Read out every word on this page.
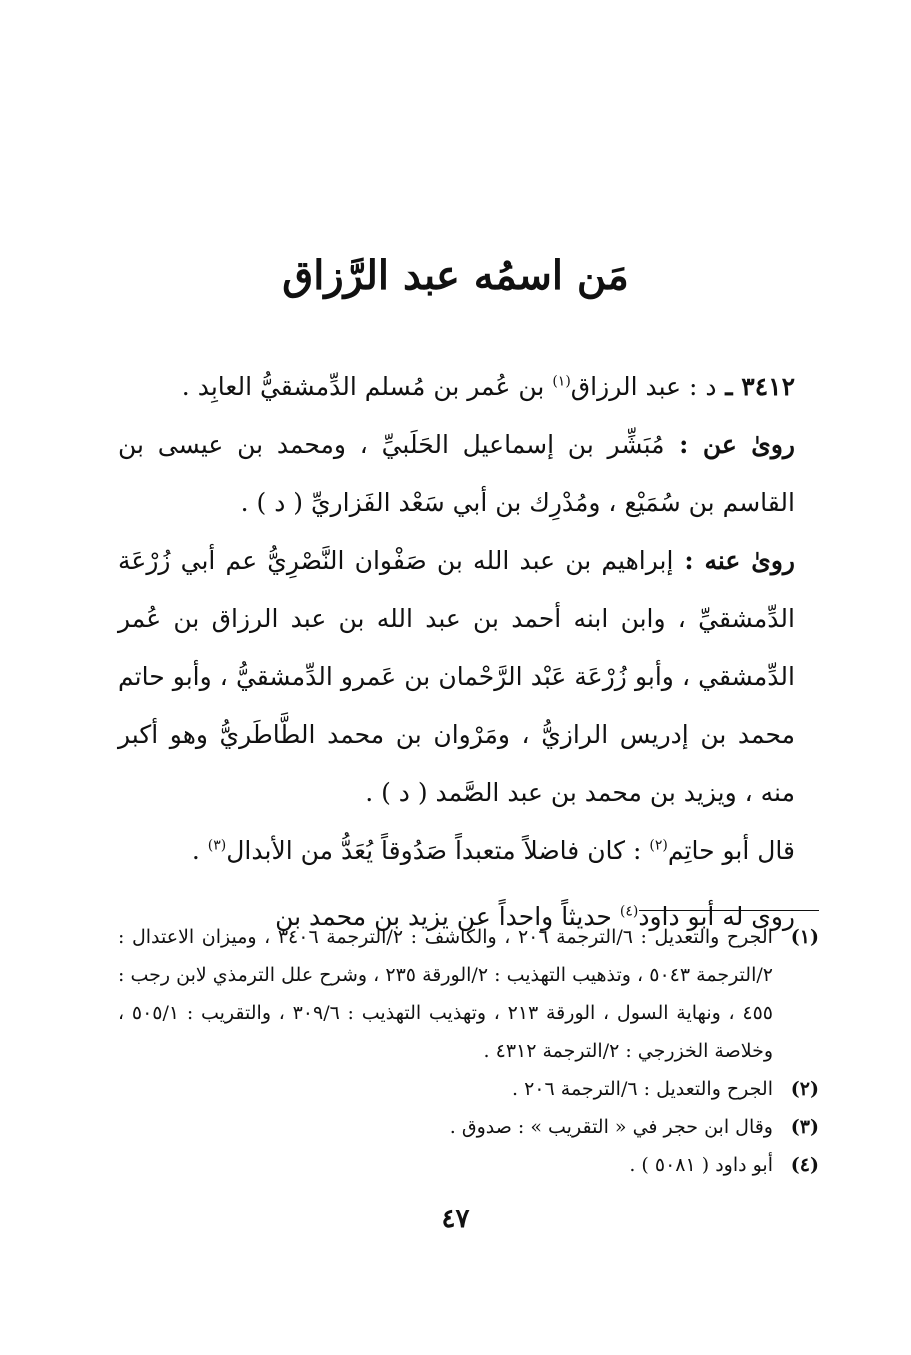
مَن اسمُه عبد الرَّزاق

٣٤١٢ ـ د : عبد الرزاق$^{(١)}$ بن عُمر بن مُسلم الدِّمشقيُّ العابِد .

روىٰ عن : مُبَشِّر بن إسماعيل الحَلَبيِّ ، ومحمد بن عيسى بن القاسم بن سُمَيْع ، ومُدْرِك بن أبي سَعْد الفَزاريِّ ( د ) .

روىٰ عنه : إبراهيم بن عبد الله بن صَفْوان النَّصْرِيُّ عم أبي زُرْعَة الدِّمشقيِّ ، وابن ابنه أحمد بن عبد الله بن عبد الرزاق بن عُمر الدِّمشقي ، وأبو زُرْعَة عَبْد الرَّحْمان بن عَمرو الدِّمشقيُّ ، وأبو حاتم محمد بن إدريس الرازيُّ ، ومَرْوان بن محمد الطَّاطَريُّ وهو أكبر منه ، ويزيد بن محمد بن عبد الصَّمد ( د ) .

قال أبو حاتِم$^{(٢)}$ : كان فاضلاً متعبداً صَدُوقاً يُعَدُّ من الأبدال$^{(٣)}$ .

روى له أبو داود$^{(٤)}$ حديثاً واحداً عن يزيد بن محمد بن

(١)
الجرح والتعديل : ٦/الترجمة ٢٠٦ ، والكاشف : ٢/الترجمة ٣٤٠٦ ، وميزان الاعتدال : ٢/الترجمة ٥٠٤٣ ، وتذهيب التهذيب : ٢/الورقة ٢٣٥ ، وشرح علل الترمذي لابن رجب : ٤٥٥ ، ونهاية السول ، الورقة ٢١٣ ، وتهذيب التهذيب : ٣٠٩/٦ ، والتقريب : ٥٠٥/١ ، وخلاصة الخزرجي : ٢/الترجمة ٤٣١٢ .
(٢)
الجرح والتعديل : ٦/الترجمة ٢٠٦ .
(٣)
وقال ابن حجر في « التقريب » : صدوق .
(٤)
أبو داود ( ٥٠٨١ ) .
٤٧
